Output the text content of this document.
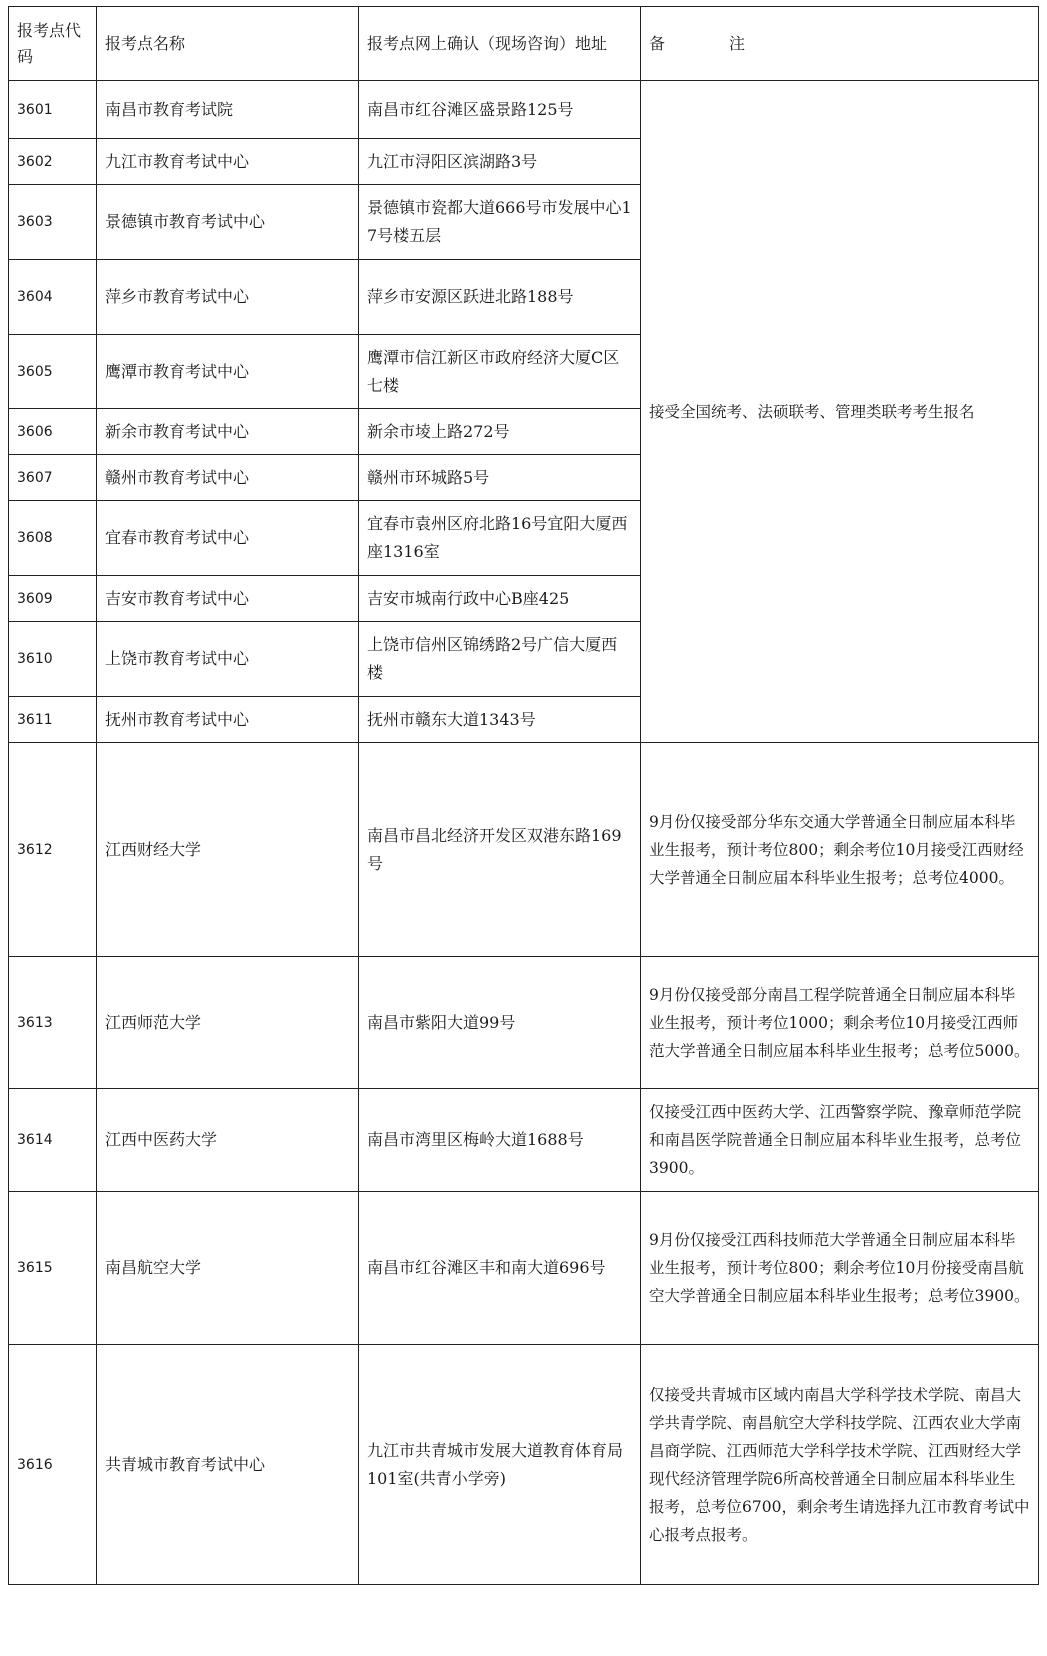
报考点代码	报考点名称	报考点网上确认（现场咨询）地址	备　　　　注
3601	南昌市教育考试院	南昌市红谷滩区盛景路125号	接受全国统考、法硕联考、管理类联考考生报名
3602	九江市教育考试中心	九江市浔阳区滨湖路3号	
3603	景德镇市教育考试中心	景德镇市瓷都大道666号市发展中心17号楼五层	
3604	萍乡市教育考试中心	萍乡市安源区跃进北路188号	
3605	鹰潭市教育考试中心	鹰潭市信江新区市政府经济大厦C区七楼	
3606	新余市教育考试中心	新余市堎上路272号	
3607	赣州市教育考试中心	赣州市环城路5号	
3608	宜春市教育考试中心	宜春市袁州区府北路16号宜阳大厦西座1316室	
3609	吉安市教育考试中心	吉安市城南行政中心B座425	
3610	上饶市教育考试中心	上饶市信州区锦绣路2号广信大厦西楼	
3611	抚州市教育考试中心	抚州市赣东大道1343号	
3612	江西财经大学	南昌市昌北经济开发区双港东路169号	9月份仅接受部分华东交通大学普通全日制应届本科毕业生报考，预计考位800；剩余考位10月接受江西财经大学普通全日制应届本科毕业生报考；总考位4000。
3613	江西师范大学	南昌市紫阳大道99号	9月份仅接受部分南昌工程学院普通全日制应届本科毕业生报考，预计考位1000；剩余考位10月接受江西师范大学普通全日制应届本科毕业生报考；总考位5000。
3614	江西中医药大学	南昌市湾里区梅岭大道1688号	仅接受江西中医药大学、江西警察学院、豫章师范学院和南昌医学院普通全日制应届本科毕业生报考，总考位3900。
3615	南昌航空大学	南昌市红谷滩区丰和南大道696号	9月份仅接受江西科技师范大学普通全日制应届本科毕业生报考，预计考位800；剩余考位10月份接受南昌航空大学普通全日制应届本科毕业生报考；总考位3900。
3616	共青城市教育考试中心	九江市共青城市发展大道教育体育局101室(共青小学旁)	仅接受共青城市区域内南昌大学科学技术学院、南昌大学共青学院、南昌航空大学科技学院、江西农业大学南昌商学院、江西师范大学科学技术学院、江西财经大学现代经济管理学院6所高校普通全日制应届本科毕业生报考，总考位6700，剩余考生请选择九江市教育考试中心报考点报考。
